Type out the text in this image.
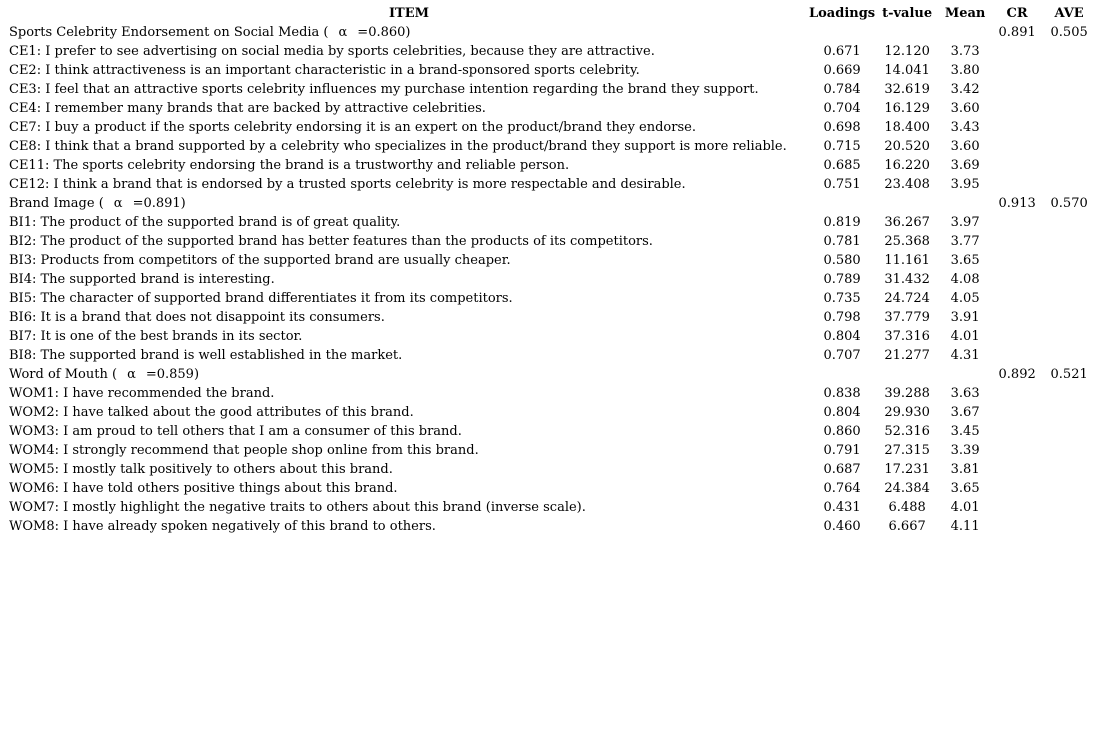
ITEM	Loadings	t-value	Mean	CR	AVE
Sports Celebrity Endorsement on Social Media ( α =0.860)				0.891	0.505
CE1: I prefer to see advertising on social media by sports celebrities, because they are attractive.	0.671	12.120	3.73		
CE2: I think attractiveness is an important characteristic in a brand-sponsored sports celebrity.	0.669	14.041	3.80		
CE3: I feel that an attractive sports celebrity influences my purchase intention regarding the brand they support.	0.784	32.619	3.42		
CE4: I remember many brands that are backed by attractive celebrities.	0.704	16.129	3.60		
CE7: I buy a product if the sports celebrity endorsing it is an expert on the product/brand they endorse.	0.698	18.400	3.43		
CE8: I think that a brand supported by a celebrity who specializes in the product/brand they support is more reliable.	0.715	20.520	3.60		
CE11: The sports celebrity endorsing the brand is a trustworthy and reliable person.	0.685	16.220	3.69		
CE12: I think a brand that is endorsed by a trusted sports celebrity is more respectable and desirable.	0.751	23.408	3.95		
Brand Image ( α =0.891)				0.913	0.570
BI1: The product of the supported brand is of great quality.	0.819	36.267	3.97		
BI2: The product of the supported brand has better features than the products of its competitors.	0.781	25.368	3.77		
BI3: Products from competitors of the supported brand are usually cheaper.	0.580	11.161	3.65		
BI4: The supported brand is interesting.	0.789	31.432	4.08		
BI5: The character of supported brand differentiates it from its competitors.	0.735	24.724	4.05		
BI6: It is a brand that does not disappoint its consumers.	0.798	37.779	3.91		
BI7: It is one of the best brands in its sector.	0.804	37.316	4.01		
BI8: The supported brand is well established in the market.	0.707	21.277	4.31		
Word of Mouth ( α =0.859)				0.892	0.521
WOM1: I have recommended the brand.	0.838	39.288	3.63		
WOM2: I have talked about the good attributes of this brand.	0.804	29.930	3.67		
WOM3: I am proud to tell others that I am a consumer of this brand.	0.860	52.316	3.45		
WOM4: I strongly recommend that people shop online from this brand.	0.791	27.315	3.39		
WOM5: I mostly talk positively to others about this brand.	0.687	17.231	3.81		
WOM6: I have told others positive things about this brand.	0.764	24.384	3.65		
WOM7: I mostly highlight the negative traits to others about this brand (inverse scale).	0.431	6.488	4.01		
WOM8: I have already spoken negatively of this brand to others.	0.460	6.667	4.11		
